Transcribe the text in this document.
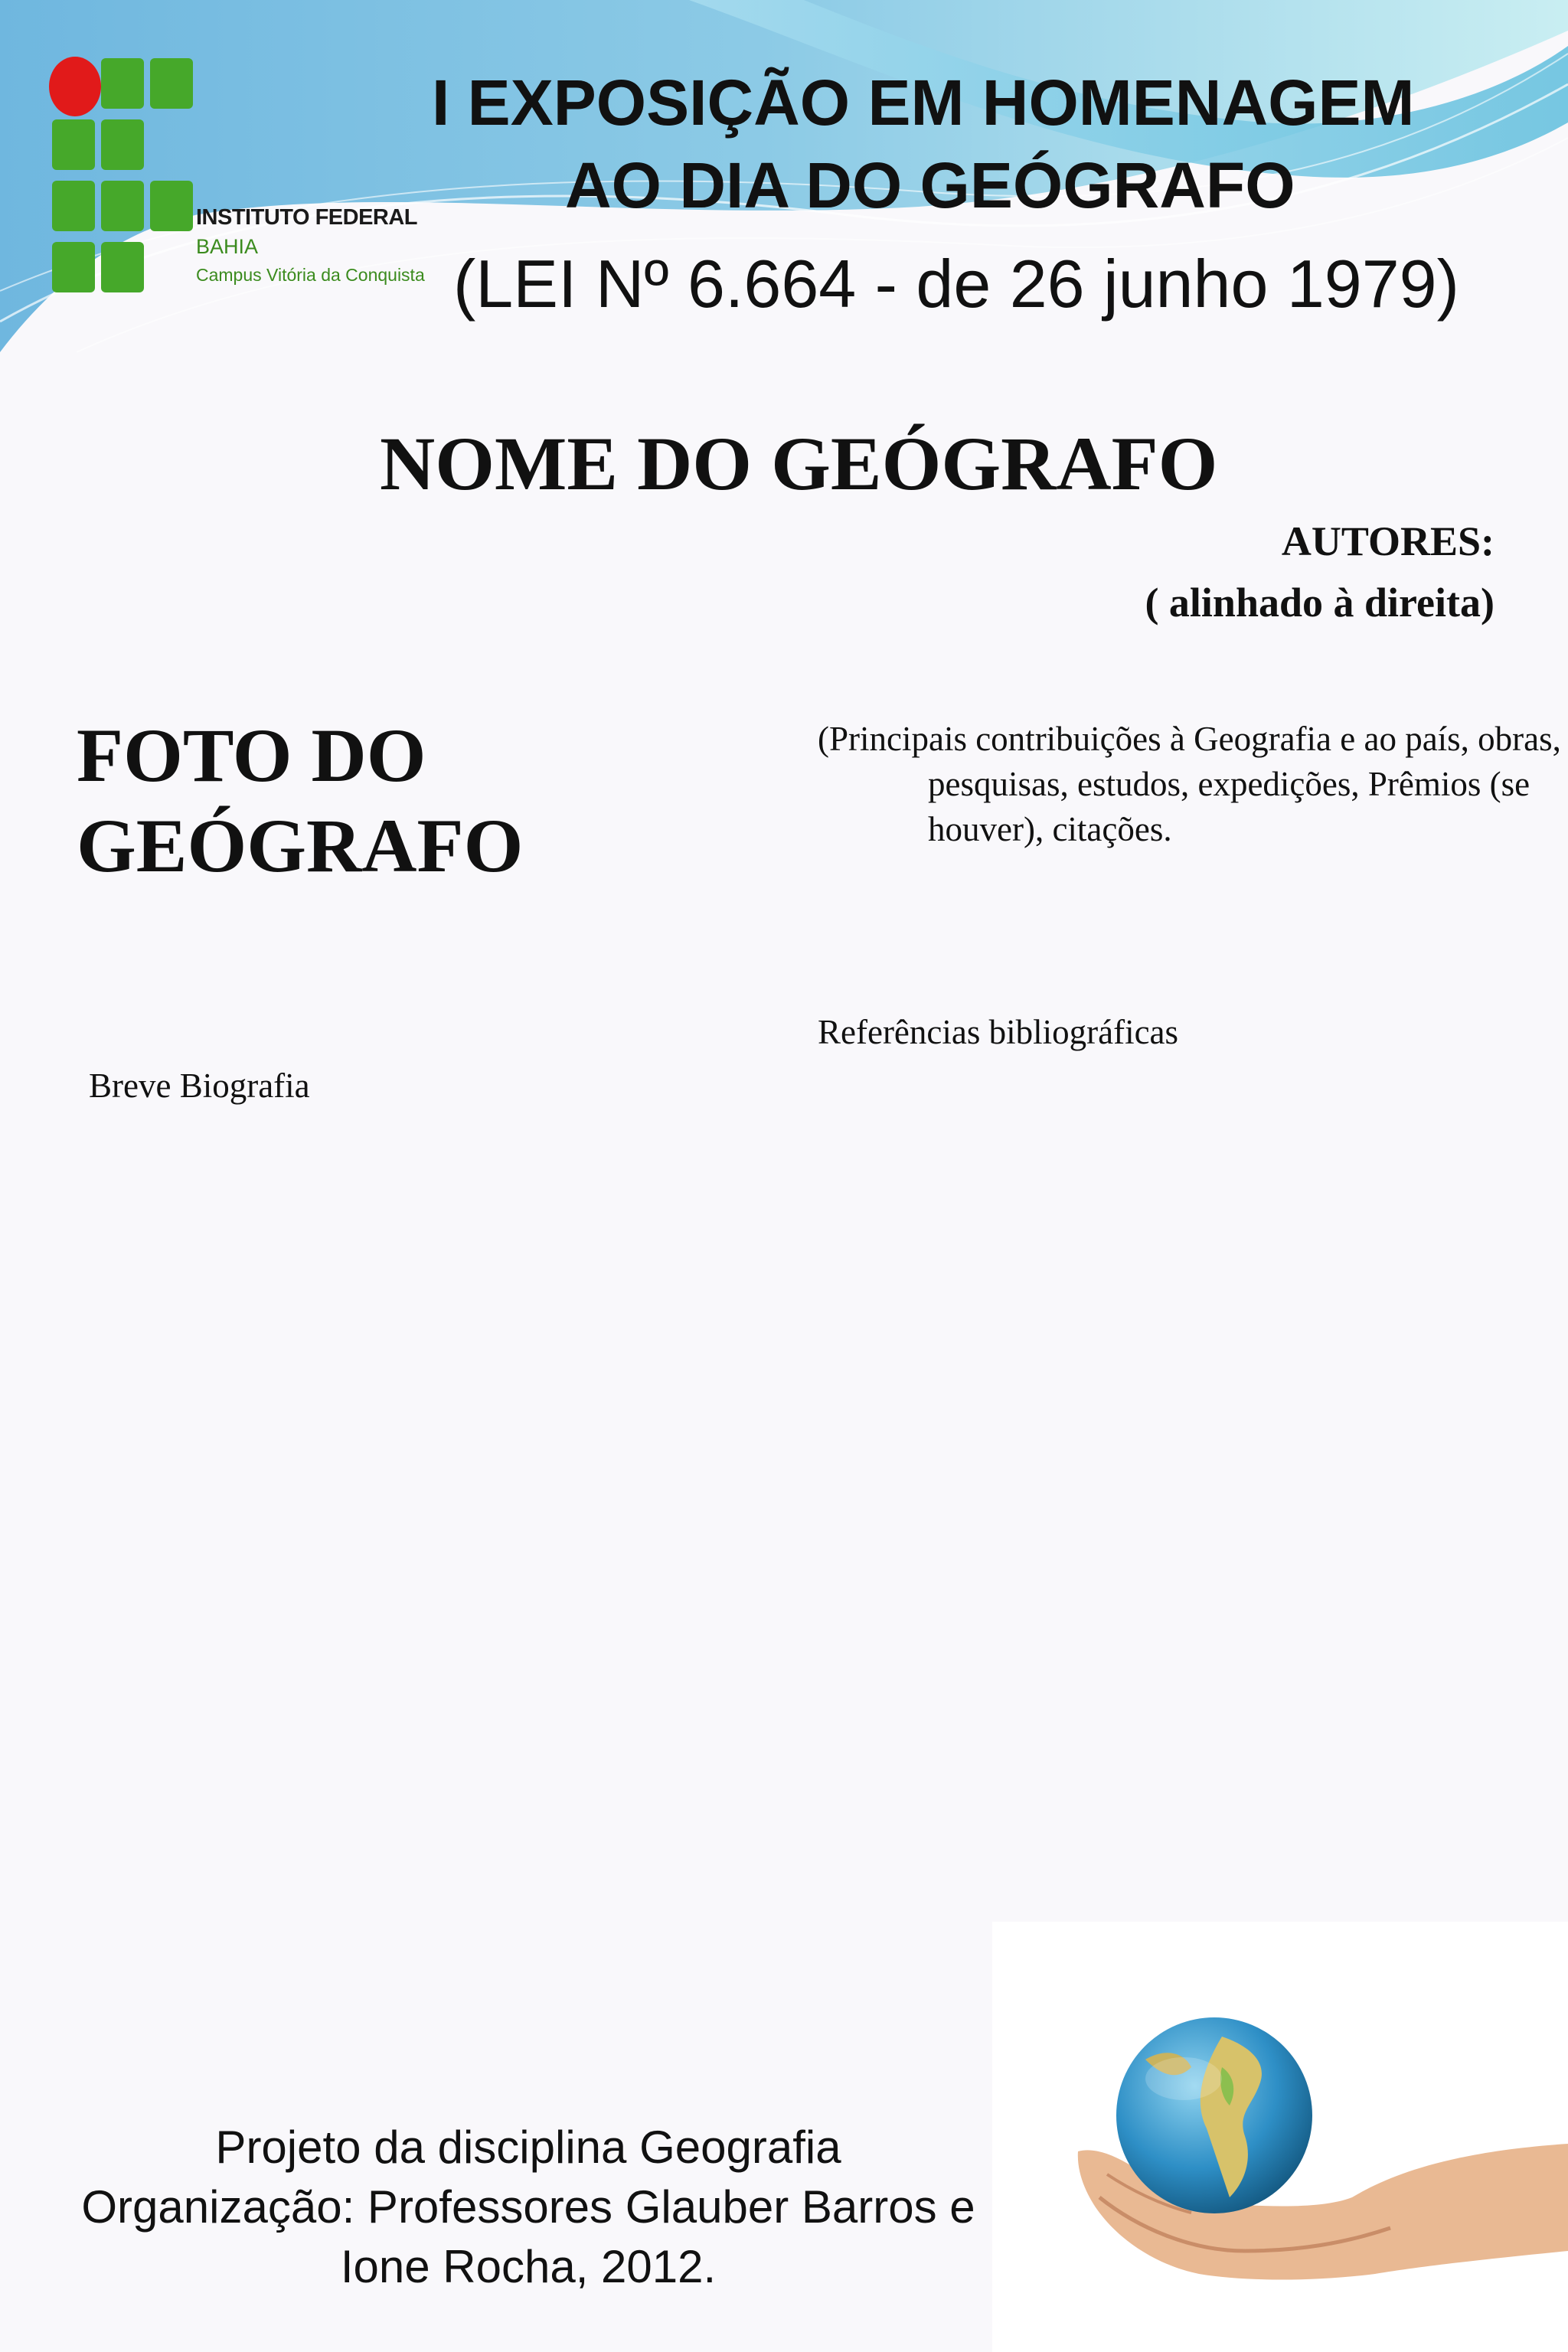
INSTITUTO FEDERAL
BAHIA
Campus Vitória da Conquista
I EXPOSIÇÃO EM HOMENAGEM
AO DIA DO GEÓGRAFO
(LEI Nº 6.664 - de 26 junho 1979)
NOME DO GEÓGRAFO
AUTORES:
( alinhado à direita)
FOTO DO
GEÓGRAFO
(Principais contribuições à Geografia e ao país, obras, pesquisas, estudos, expedições, Prêmios (se houver), citações.
Referências bibliográficas
Breve Biografia
Projeto da disciplina Geografia
Organização: Professores Glauber Barros e
Ione Rocha, 2012.
